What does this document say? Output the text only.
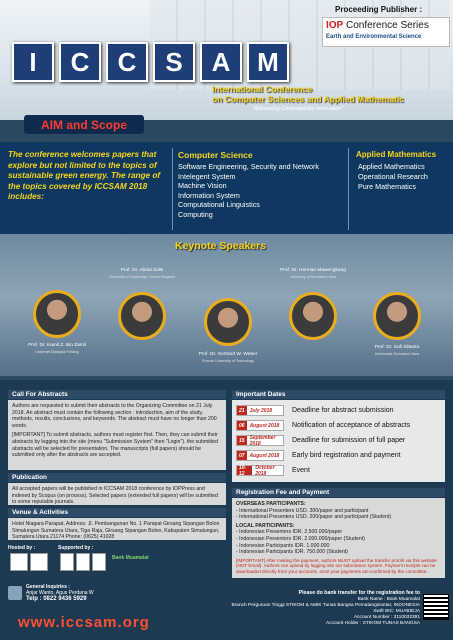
Proceeding Publisher :
IOP Conference Series
Earth and Environmental Science
I	C	C	S	A	M
International Conference
on Computer Sciences and Applied Mathematic
"Advancing Computability Innovation"
AIM and Scope
The conference welcomes papers that explore but not limited to the topics of sustainable green energy. The range of the topics covered by ICCSAM 2018 includes:
Computer Science
Software Engineering, Security and Network
Intelegent System
Machine Vision
Information System
Computational Linguistics
Computing
Applied Mathematics
Applied Mathematics
Operational Research
Pure Mathematics
Keynote Speakers
Prof. Dr. Kamil Z. Bin Zamli
Universiti Malaysia Pahang
Prof. Dr. Abdul Salis
University of Cambridge, United Kingdom
Prof. Dr. Gerhard W. Weber
Poznan University of Technology
Prof. Dr. Herman Mawengkang
University of Sumatera Utara
Prof. Dr. Sufi Slitanto
Universitas Sumatera Utara
Call For Abstracts
Authors are requested to submit their abstracts to the Organizing Committee on 21 July 2018. An abstract must contain the following section : introduction, aim of the study, methods, results, conclusions, and keywords. The abstract must have no longer than 200 words.
[IMPORTANT] To submit abstracts, authors must register first. Then, they can submit their abstracts by logging into the site (menu "Submission System" then "Login"). the submitted abstracts will be selected for presentation. The manuscripts (full papers) should be submitted only after the abstracts are accepted.
Publication
All accepted papers will be published in ICCSAM 2018 conference by IOPPress and indexed by Scopus (on process). Selected papers (extended full papers) will be submitted to some reputable journals.
Venue & Activities
Hotel Niagara Parapat, Address: Jl. Pembangunan No. 1 Parapat Girsang Sipangan Bolon Simalungun Sumatera Utara, Tiga Raja, Girsang Sipangan Bolon, Kabupaten Simalungun, Sumatera Utara 21174 Phone: (0625) 41028
Important Dates
21	July 2018	Deadline for abstract submission
06	August 2018 Notification of acceptance of abstracts
15	September 2018	Deadline for submission of full paper
07	August 2018 Early bird registration and payment
10-12
October 2018	Event
Registration Fee and Payment
OVERSEAS PARTICIPANTS:
- International Presenters USD. 300/paper and participant
- International Presenters USD. 200/paper and participant (Student)
LOCAL PARTICIPANTS:
- Indonesian Presenters IDR. 2.500.000/paper
- Indonesian Presenters IDR. 2.000.000/paper (Student)
- Indonesian Participants IDR. 1.000.000
- Indonesian Participants IDR. 750.000 (Student)
[IMPORTANT] After making the payment, authors MUST upload the transfer proofs via this website (NOT Email). Authors can upload by logging into our submission system. Payment receipts can be downloaded directly from your accounts, once your payments are confirmed by the committee.
Hosted by :	Supported by :
Bank Muamalat
General Inquiries :
Anjar Wanto, Agus Perdana W
Telp : 0822 9436 5929
www.iccsam.org
Please do bank transfer for the registration fee to
Bank Name : Bank Muamalat
Branch Perguruan Tinggi STIKOM & AMIK Tunas Bangsa Pematangsiantar, INDONESIA
Swift BIC: MUABIDJA
Account Number : 3110032391
Account Holder : STIKOM TUNAS BANGSA
